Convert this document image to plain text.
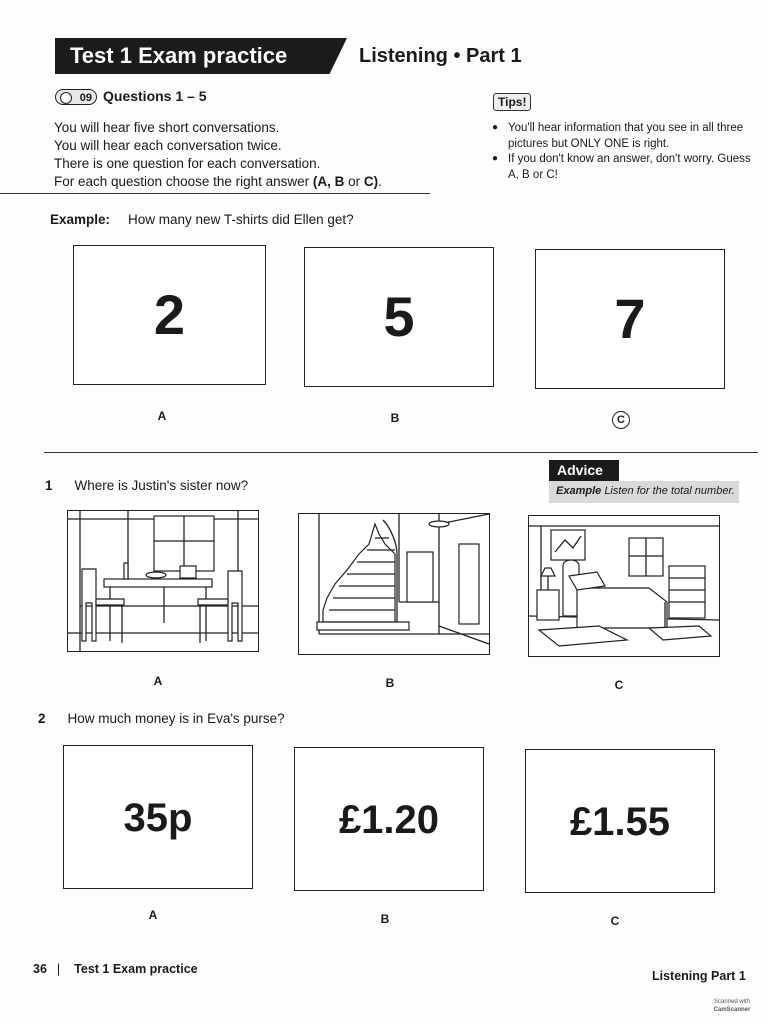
Test 1 Exam practice	Listening • Part 1
09 Questions 1 – 5
You will hear five short conversations.
You will hear each conversation twice.
There is one question for each conversation.
For each question choose the right answer (A, B or C).
Tips!
● You'll hear information that you see in all three pictures but ONLY ONE is right.
● If you don't know an answer, don't worry. Guess A, B or C!
Example: How many new T-shirts did Ellen get?
2	5	7
A	B	C
Advice
Example Listen for the total number.
1 Where is Justin's sister now?
A	B	C
2 How much money is in Eva's purse?
35p	£1.20	£1.55
A	B	C
36 | Test 1 Exam practice	Listening Part 1
Scanned with
CamScanner
